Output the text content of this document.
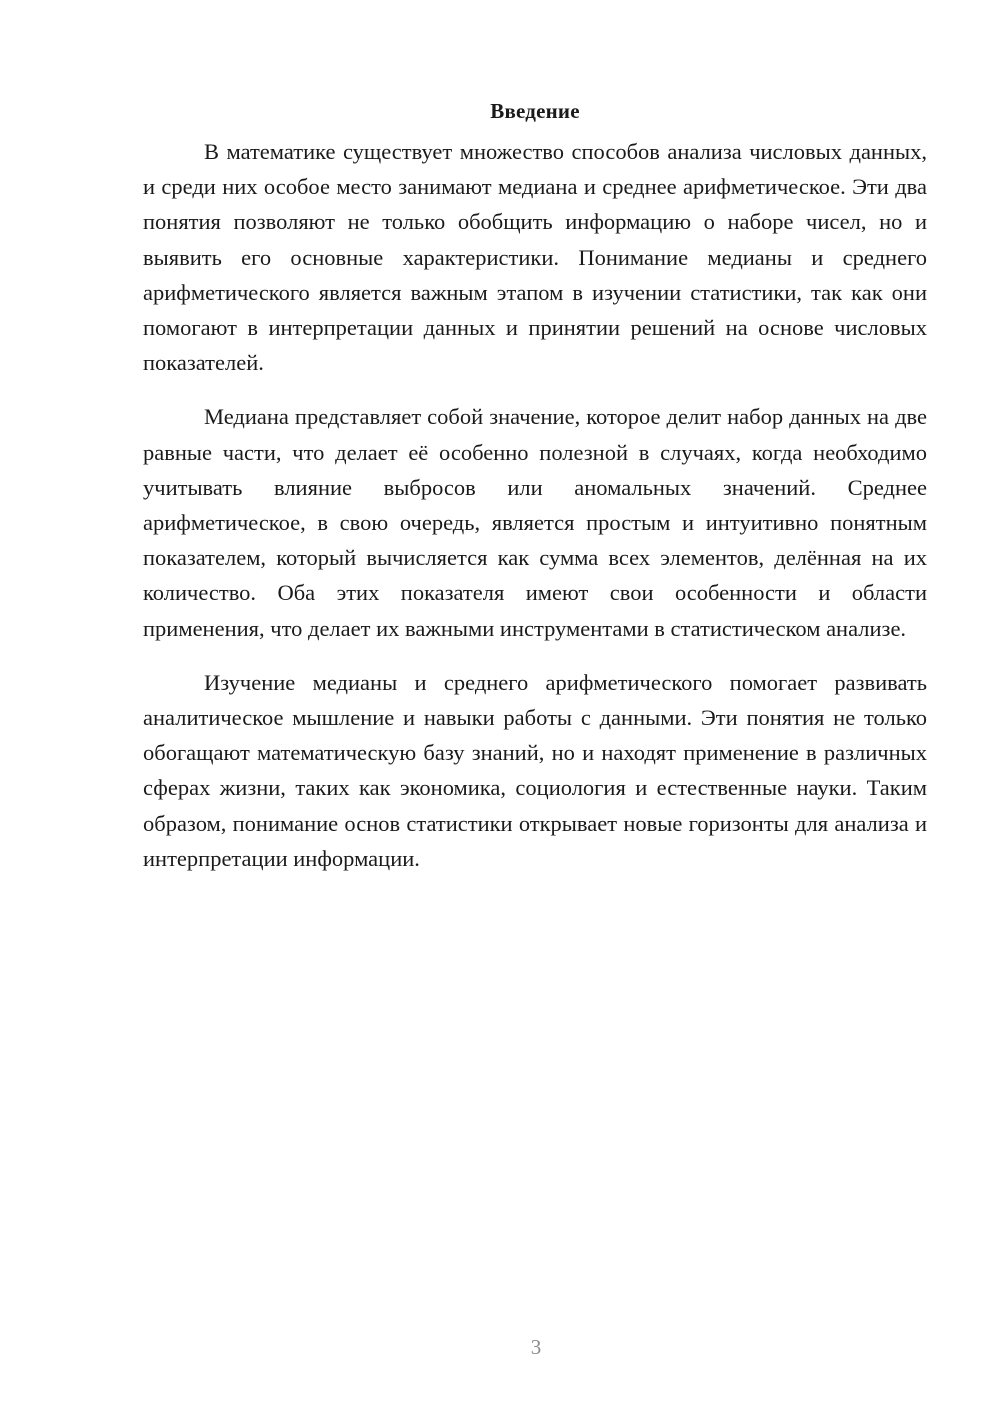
Введение

В математике существует множество способов анализа числовых данных, и среди них особое место занимают медиана и среднее арифметическое. Эти два понятия позволяют не только обобщить информацию о наборе чисел, но и выявить его основные характеристики. Понимание медианы и среднего арифметического является важным этапом в изучении статистики, так как они помогают в интерпретации данных и принятии решений на основе числовых показателей.

Медиана представляет собой значение, которое делит набор данных на две равные части, что делает её особенно полезной в случаях, когда необходимо учитывать влияние выбросов или аномальных значений. Среднее арифметическое, в свою очередь, является простым и интуитивно понятным показателем, который вычисляется как сумма всех элементов, делённая на их количество. Оба этих показателя имеют свои особенности и области применения, что делает их важными инструментами в статистическом анализе.

Изучение медианы и среднего арифметического помогает развивать аналитическое мышление и навыки работы с данными. Эти понятия не только обогащают математическую базу знаний, но и находят применение в различных сферах жизни, таких как экономика, социология и естественные науки. Таким образом, понимание основ статистики открывает новые горизонты для анализа и интерпретации информации.

3
